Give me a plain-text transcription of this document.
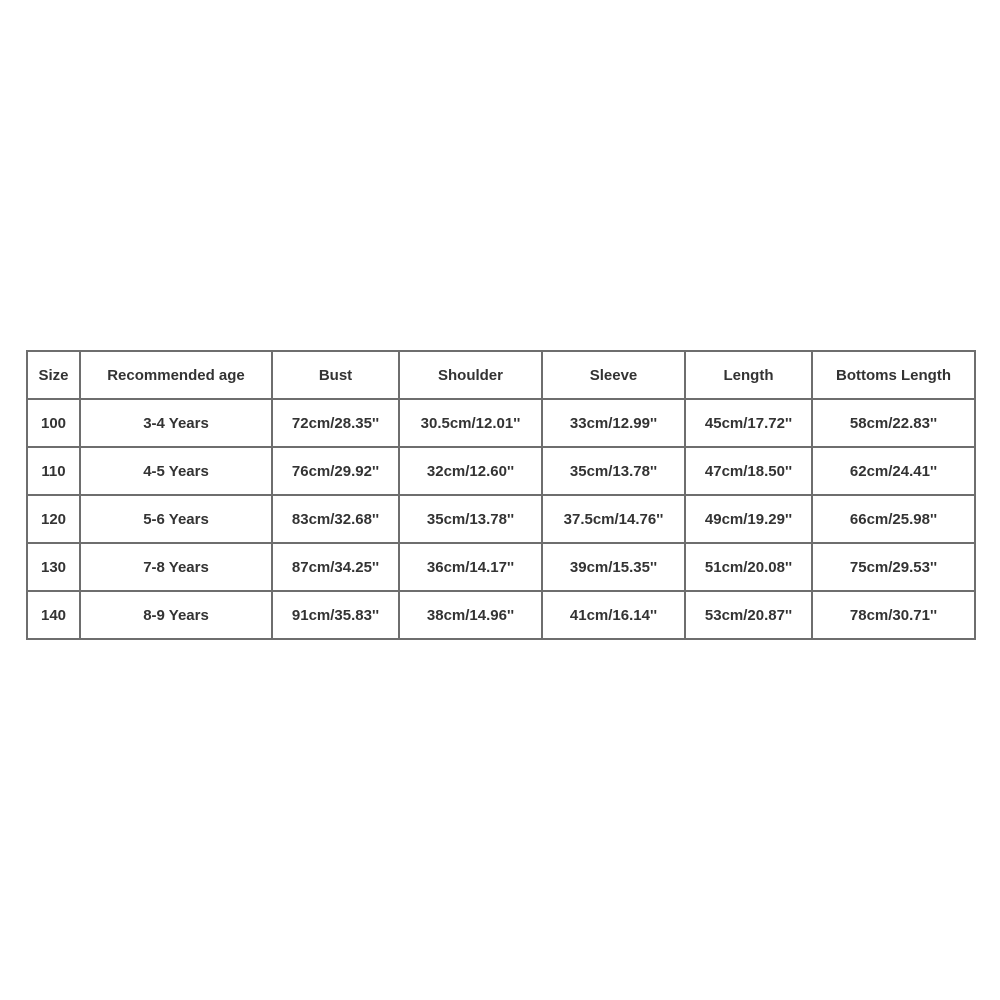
Size	Recommended age	Bust	Shoulder	Sleeve	Length	Bottoms Length
100	3-4 Years	72cm/28.35''	30.5cm/12.01''	33cm/12.99''	45cm/17.72''	58cm/22.83''
110	4-5 Years	76cm/29.92''	32cm/12.60''	35cm/13.78''	47cm/18.50''	62cm/24.41''
120	5-6 Years	83cm/32.68''	35cm/13.78''	37.5cm/14.76''	49cm/19.29''	66cm/25.98''
130	7-8 Years	87cm/34.25''	36cm/14.17''	39cm/15.35''	51cm/20.08''	75cm/29.53''
140	8-9 Years	91cm/35.83''	38cm/14.96''	41cm/16.14''	53cm/20.87''	78cm/30.71''
